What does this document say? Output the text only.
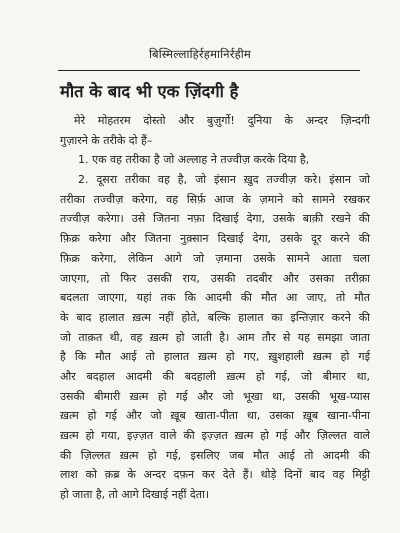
बिस्मिल्लाहिर्रहमानिर्रहीम
मौत के बाद भी एक ज़िंदगी है
मेरे मोहतरम दोस्तो और बुज़ुर्गो! दुनिया के अन्दर ज़िन्दगी
गुज़ारने के तरीके दो हैं–
1. एक वह तरीका है जो अल्लाह ने तज्वीज़ करके दिया है,
2. दूसरा तरीका वह है, जो इंसान ख़ुद तज्वीज़ करे। इंसान जो
तरीका तज्वीज़ करेगा, वह सिर्फ़ आज के ज़माने को सामने रखकर
तज्वीज़ करेगा। उसे जितना नफ़ा दिखाई देगा, उसके बाक़ी रखने की
फ़िक्र करेगा और जितना नुक़्सान दिखाई देगा, उसके दूर करने की
फ़िक्र करेगा, लेकिन आगे जो ज़माना उसके सामने आता चला
जाएगा, तो फिर उसकी राय, उसकी तदबीर और उसका तरीक़ा
बदलता जाएगा, यहां तक कि आदमी की मौत आ जाए, तो मौत
के बाद हालात ख़त्म नहीं होते, बल्कि हालात का इन्तिज़ार करने की
जो ताक़त थी, वह ख़त्म हो जाती है। आम तौर से यह समझा जाता
है कि मौत आई तो हालात ख़त्म हो गए, ख़ुशहाली ख़त्म हो गई
और बदहाल आदमी की बदहाली ख़त्म हो गई, जो बीमार था,
उसकी बीमारी ख़त्म हो गई और जो भूखा था, उसकी भूख-प्यास
ख़त्म हो गई और जो ख़ूब खाता-पीता था, उसका ख़ूब खाना-पीना
ख़त्म हो गया, इज़्ज़त वाले की इज़्ज़त ख़त्म हो गई और ज़िल्लत वाले
की ज़िल्लत ख़त्म हो गई, इसलिए जब मौत आई तो आदमी की
लाश को क़ब्र के अन्दर दफ़न कर देते हैं। थोड़े दिनों बाद वह मिट्टी
हो जाता है, तो आगे दिखाई नहीं देता।
